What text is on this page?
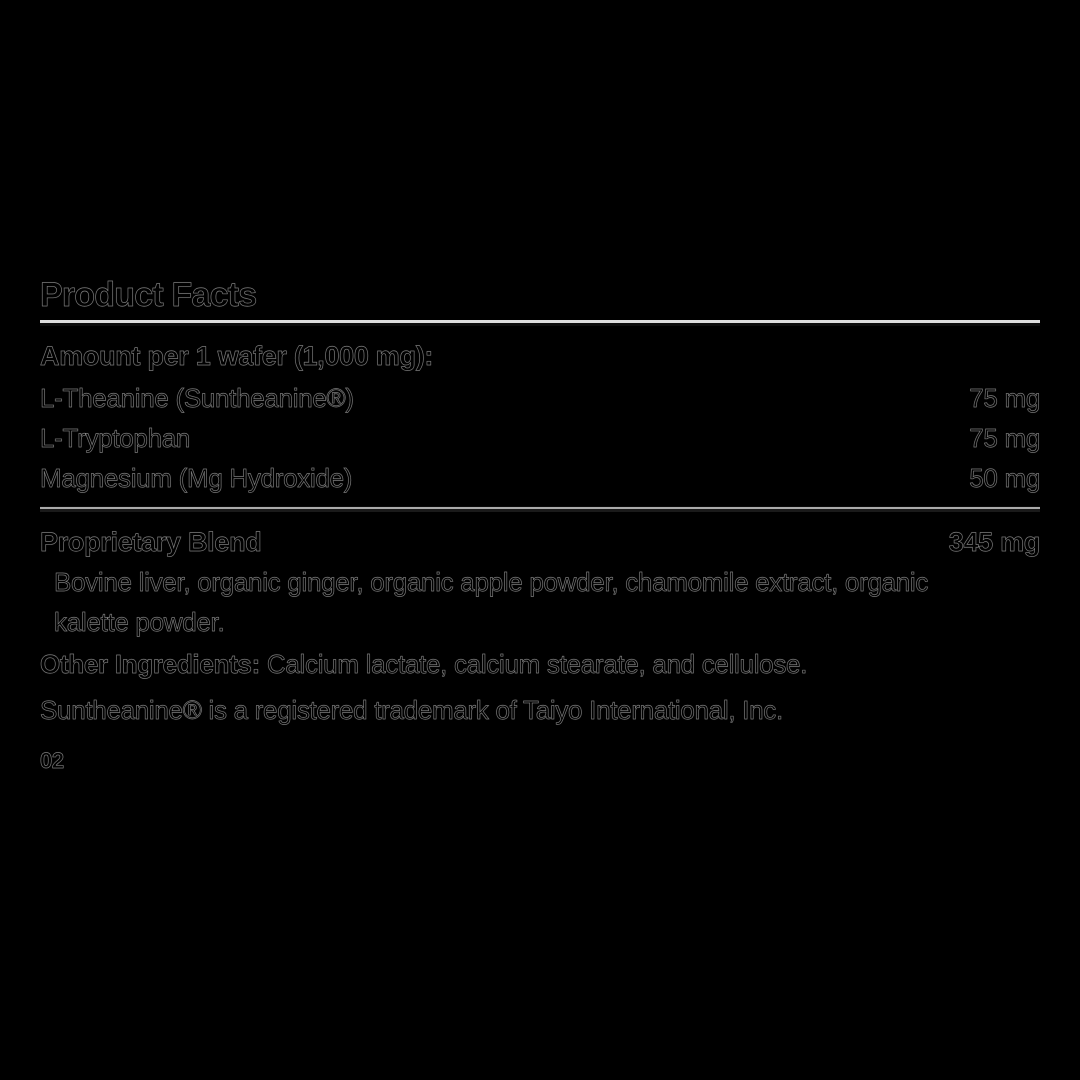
Product Facts
Amount per 1 wafer (1,000 mg):
L-Theanine (Suntheanine®)	75 mg
L-Tryptophan	75 mg
Magnesium (Mg Hydroxide)	50 mg
Proprietary Blend	345 mg
Bovine liver, organic ginger, organic apple powder, chamomile extract, organic
kalette powder.
Other Ingredients: Calcium lactate, calcium stearate, and cellulose.
Suntheanine® is a registered trademark of Taiyo International, Inc.
02
